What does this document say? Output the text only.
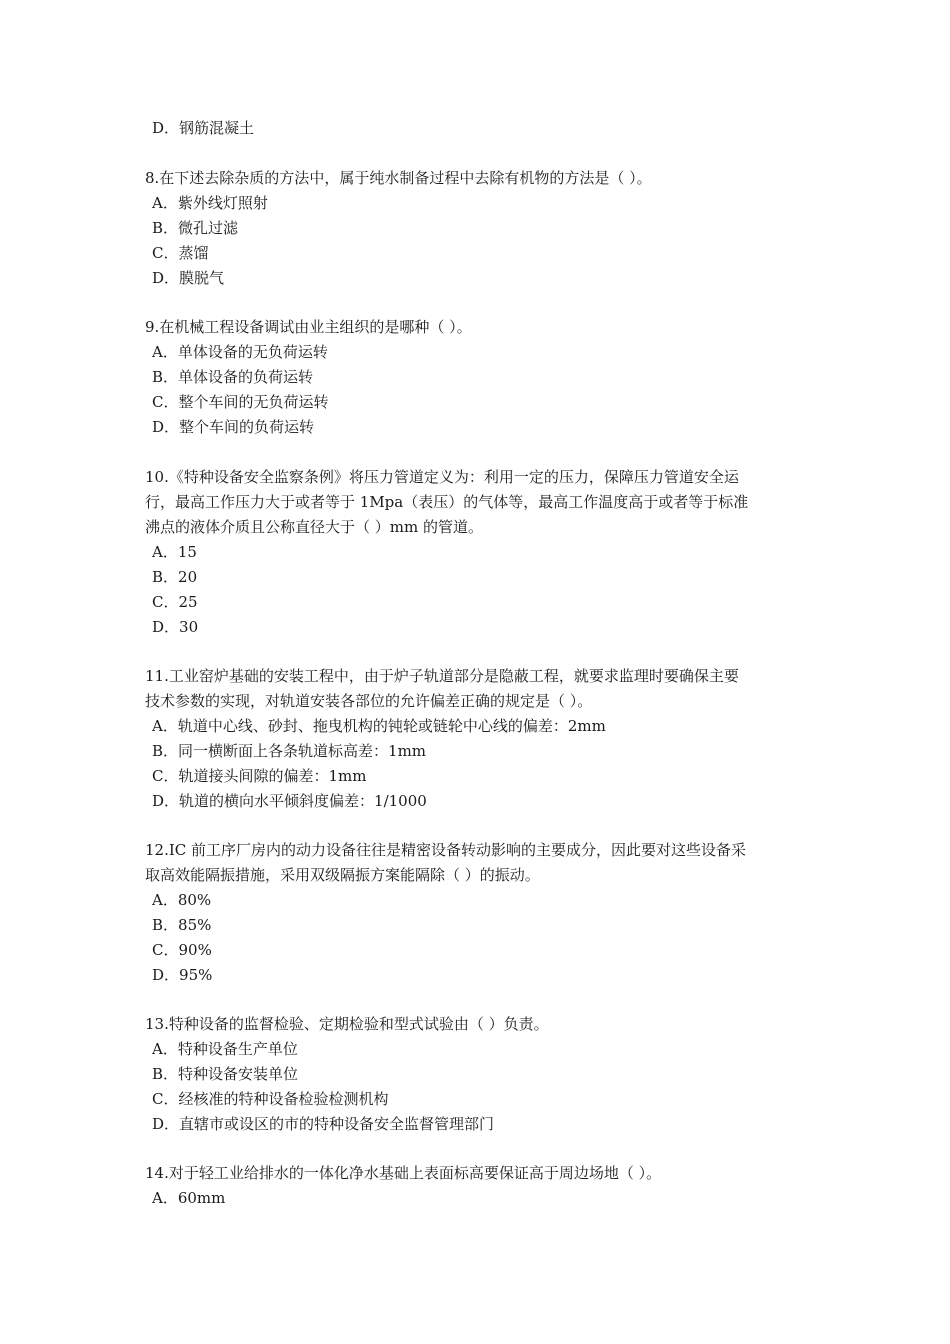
D．钢筋混凝土
8.在下述去除杂质的方法中，属于纯水制备过程中去除有机物的方法是（ ）。
A．紫外线灯照射
B．微孔过滤
C．蒸馏
D．膜脱气
9.在机械工程设备调试由业主组织的是哪种（ ）。
A．单体设备的无负荷运转
B．单体设备的负荷运转
C．整个车间的无负荷运转
D．整个车间的负荷运转
10.《特种设备安全监察条例》将压力管道定义为：利用一定的压力，保障压力管道安全运
行，最高工作压力大于或者等于 1Mpa（表压）的气体等，最高工作温度高于或者等于标准
沸点的液体介质且公称直径大于（ ）mm 的管道。
A．15
B．20
C．25
D．30
11.工业窑炉基础的安装工程中，由于炉子轨道部分是隐蔽工程，就要求监理时要确保主要
技术参数的实现，对轨道安装各部位的允许偏差正确的规定是（ ）。
A．轨道中心线、砂封、拖曳机构的钝轮或链轮中心线的偏差：2mm
B．同一横断面上各条轨道标高差：1mm
C．轨道接头间隙的偏差：1mm
D．轨道的横向水平倾斜度偏差：1/1000
12.IC 前工序厂房内的动力设备往往是精密设备转动影响的主要成分，因此要对这些设备采
取高效能隔振措施，采用双级隔振方案能隔除（ ）的振动。
A．80%
B．85%
C．90%
D．95%
13.特种设备的监督检验、定期检验和型式试验由（ ）负责。
A．特种设备生产单位
B．特种设备安装单位
C．经核准的特种设备检验检测机构
D．直辖市或设区的市的特种设备安全监督管理部门
14.对于轻工业给排水的一体化净水基础上表面标高要保证高于周边场地（ ）。
A．60mm
